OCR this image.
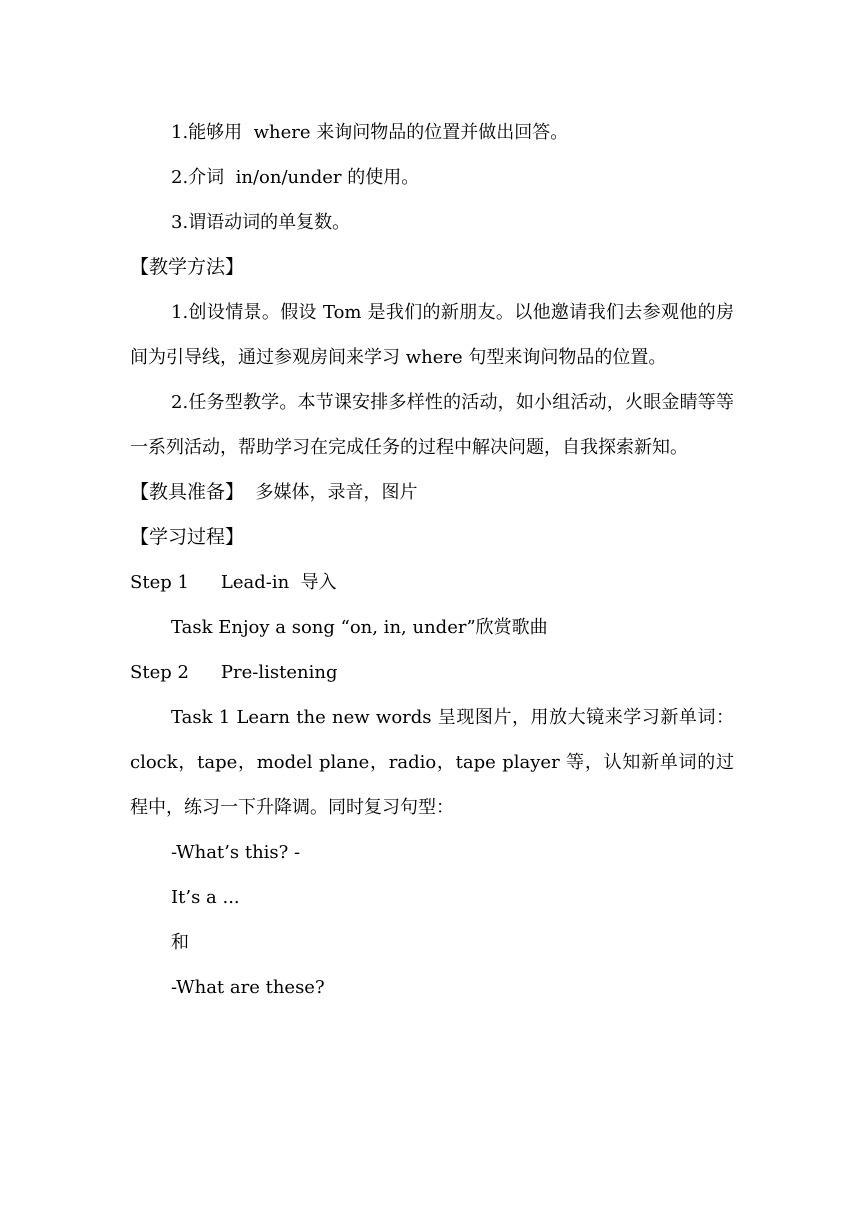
1.能够用  where 来询问物品的位置并做出回答。
2.介词  in/on/under 的使用。
3.谓语动词的单复数。
【教学方法】
1.创设情景。假设 Tom 是我们的新朋友。以他邀请我们去参观他的房间为引导线，通过参观房间来学习 where 句型来询问物品的位置。
2.任务型教学。本节课安排多样性的活动，如小组活动，火眼金睛等等一系列活动，帮助学习在完成任务的过程中解决问题，自我探索新知。
【教具准备】  多媒体，录音，图片
【学习过程】
Step 1 Lead-in  导入
Task Enjoy a song “on, in, under”欣赏歌曲
Step 2 Pre-listening
Task 1 Learn the new words 呈现图片，用放大镜来学习新单词：clock，tape，model plane，radio，tape player 等，认知新单词的过程中，练习一下升降调。同时复习句型：
-What’s this? -
It’s a ...
和
-What are these?
